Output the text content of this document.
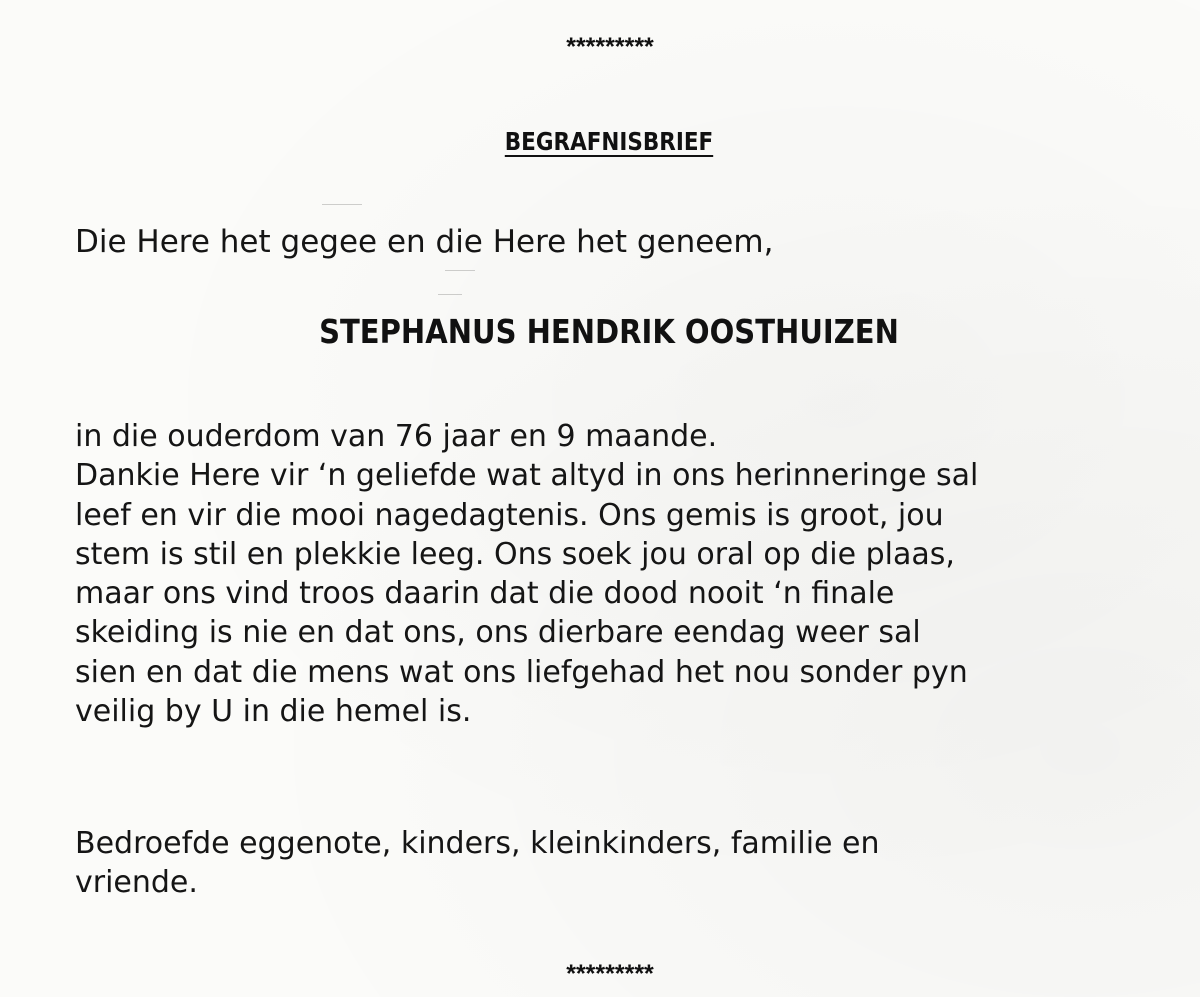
*********
BEGRAFNISBRIEF
Die Here het gegee en die Here het geneem,
STEPHANUS HENDRIK OOSTHUIZEN
in die ouderdom van 76 jaar en 9 maande.
Dankie Here vir ‘n geliefde wat altyd in ons herinneringe sal
leef en vir die mooi nagedagtenis. Ons gemis is groot, jou
stem is stil en plekkie leeg. Ons soek jou oral op die plaas,
maar ons vind troos daarin dat die dood nooit ‘n finale
skeiding is nie en dat ons, ons dierbare eendag weer sal
sien en dat die mens wat ons liefgehad het nou sonder pyn
veilig by U in die hemel is.
Bedroefde eggenote, kinders, kleinkinders, familie en
vriende.
*********
